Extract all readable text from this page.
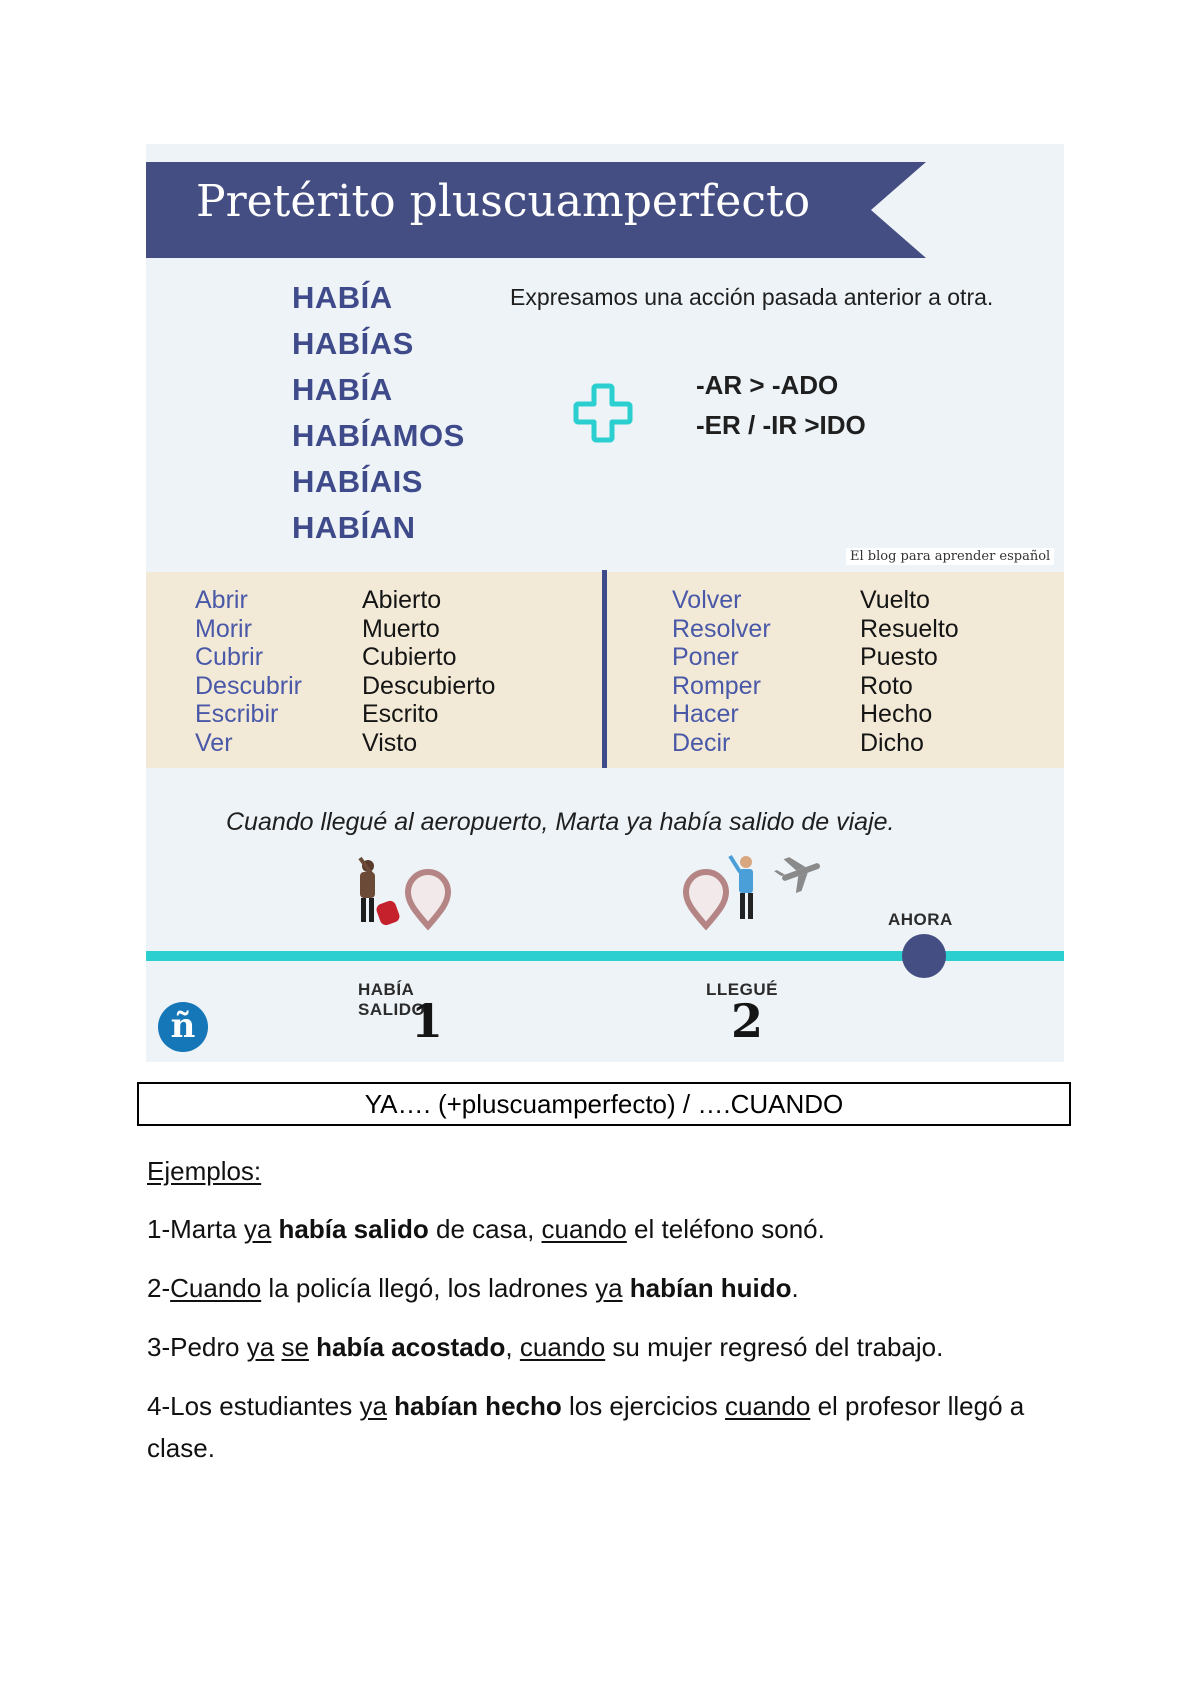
Pretérito pluscuamperfecto
HABÍA
HABÍAS
HABÍA
HABÍAMOS
HABÍAIS
HABÍAN
Expresamos una acción pasada anterior a otra.
-AR > -ADO
-ER / -IR >IDO
El blog para aprender español
Abrir
Morir
Cubrir
Descubrir
Escribir
Ver
Abierto
Muerto
Cubierto
Descubierto
Escrito
Visto
Volver
Resolver
Poner
Romper
Hacer
Decir
Vuelto
Resuelto
Puesto
Roto
Hecho
Dicho
Cuando llegué al aeropuerto, Marta ya había salido de viaje.
AHORA
HABÍA SALIDO
1
LLEGUÉ
2
ñ
YA…. (+pluscuamperfecto) / ….CUANDO
Ejemplos:
1-Marta ya había salido de casa, cuando el teléfono sonó.
2-Cuando la policía llegó, los ladrones ya habían huido.
3-Pedro ya se había acostado, cuando su mujer regresó del trabajo.
4-Los estudiantes ya habían hecho los ejercicios cuando el profesor llegó a clase.
